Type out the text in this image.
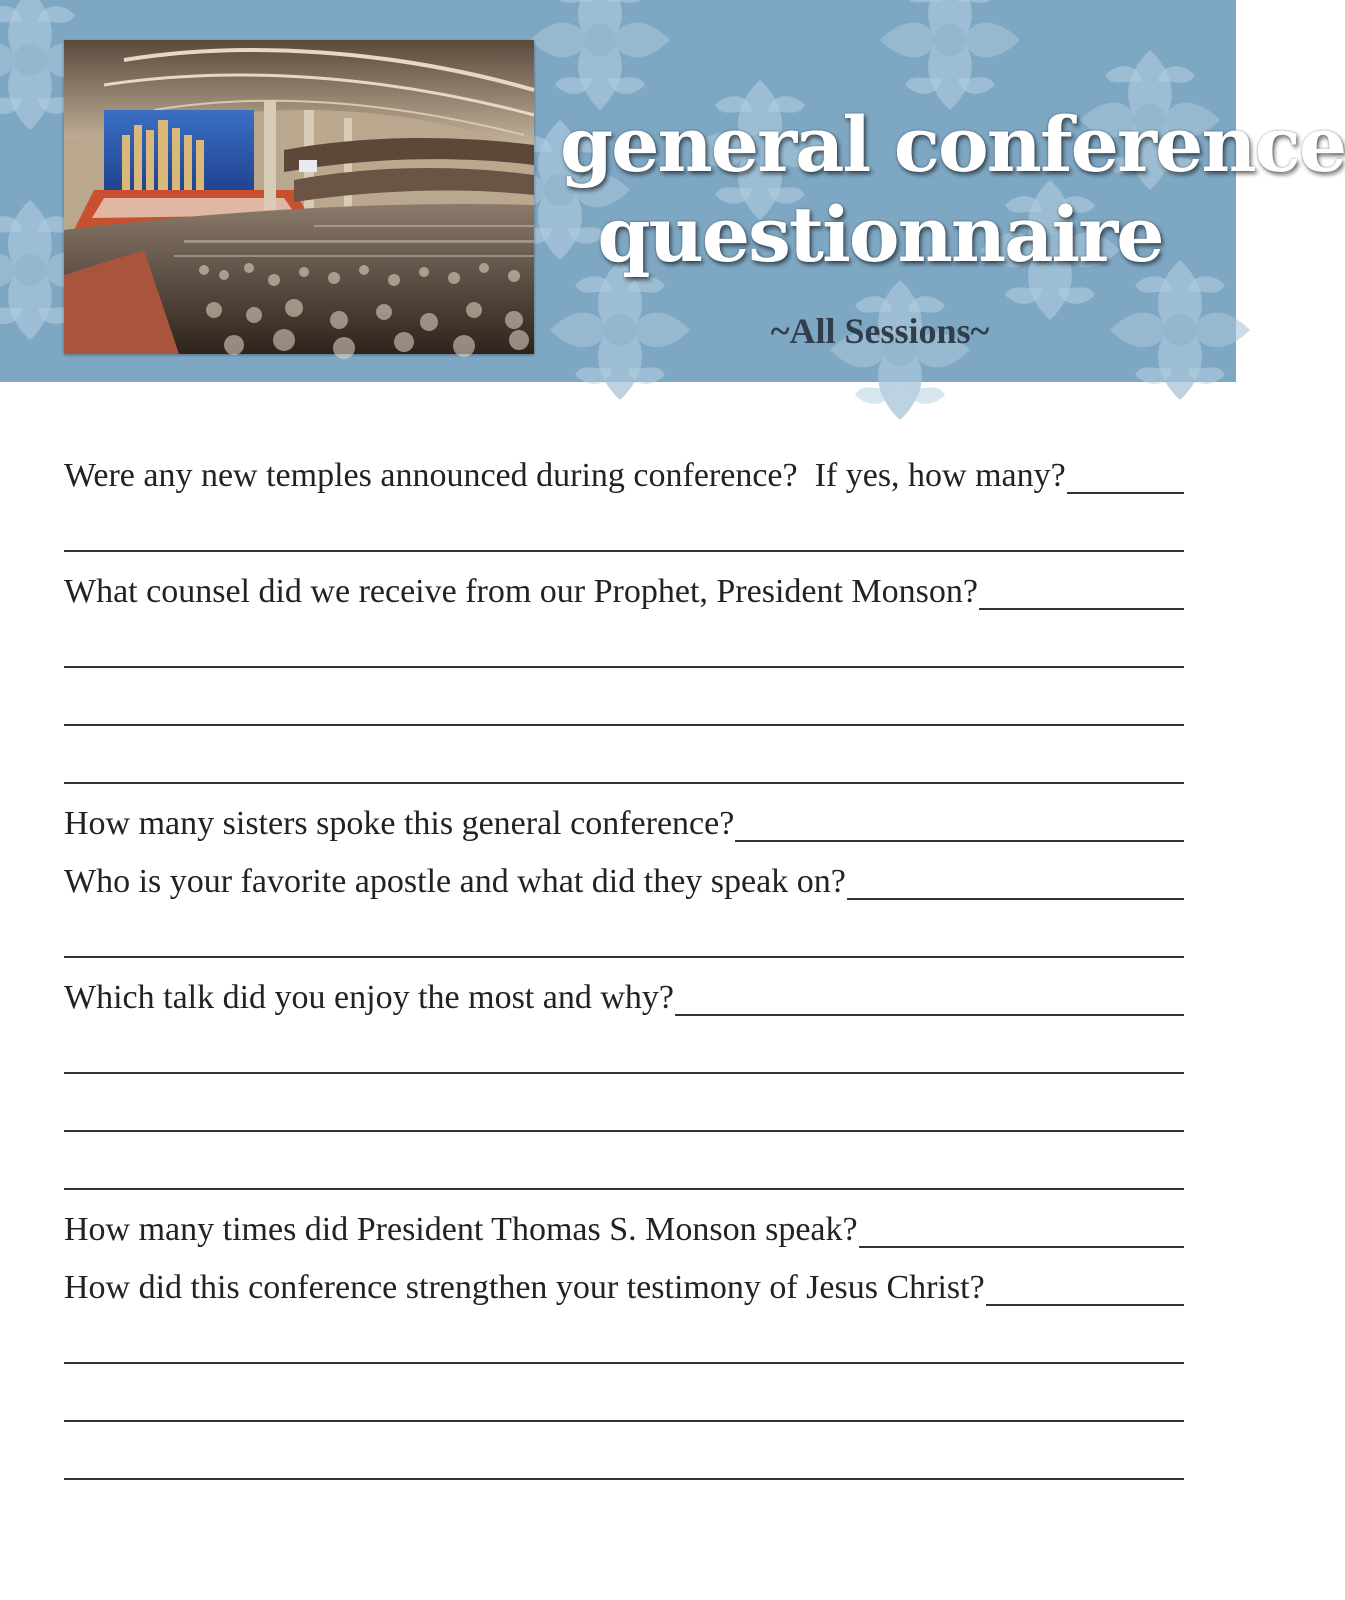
general conference
questionnaire
~All Sessions~
Were any new temples announced during conference?  If yes, how many?
What counsel did we receive from our Prophet, President Monson?
How many sisters spoke this general conference?
Who is your favorite apostle and what did they speak on?
Which talk did you enjoy the most and why?
How many times did President Thomas S. Monson speak?
How did this conference strengthen your testimony of Jesus Christ?
